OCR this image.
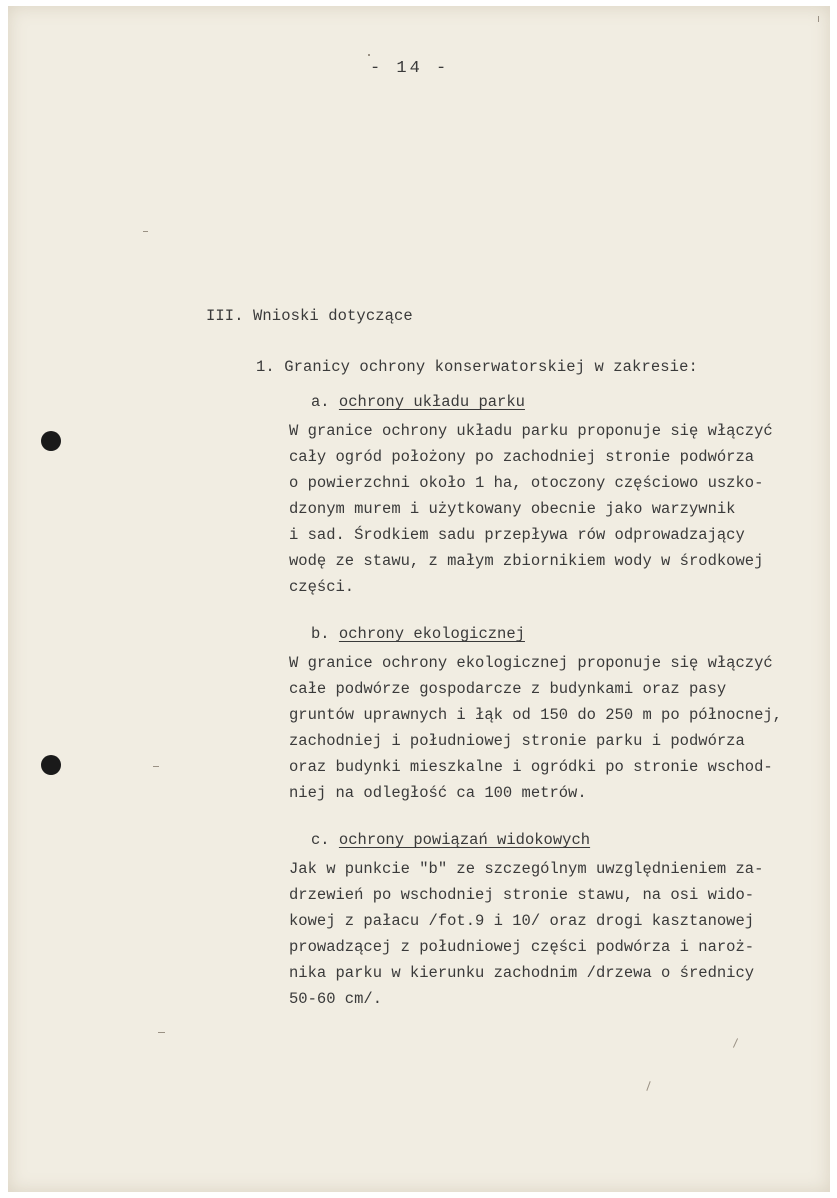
- 14 -
III. Wnioski dotyczące
1. Granicy ochrony konserwatorskiej w zakresie:
a. ochrony układu parku

W granice ochrony układu parku proponuje się włączyć

cały ogród położony po zachodniej stronie podwórza

o powierzchni około 1 ha, otoczony częściowo uszko-

dzonym murem i użytkowany obecnie jako warzywnik

i sad. Środkiem sadu przepływa rów odprowadzający

wodę ze stawu, z małym zbiornikiem wody w środkowej

części.

b. ochrony ekologicznej

W granice ochrony ekologicznej proponuje się włączyć

całe podwórze gospodarcze z budynkami oraz pasy

gruntów uprawnych i łąk od 150 do 250 m po północnej,

zachodniej i południowej stronie parku i podwórza

oraz budynki mieszkalne i ogródki po stronie wschod-

niej na odległość ca 100 metrów.

c. ochrony powiązań widokowych

Jak w punkcie "b" ze szczególnym uwzględnieniem za-

drzewień po wschodniej stronie stawu, na osi wido-

kowej z pałacu /fot.9 i 10/ oraz drogi kasztanowej

prowadzącej z południowej części podwórza i naroż-

nika parku w kierunku zachodnim /drzewa o średnicy

50-60 cm/.
